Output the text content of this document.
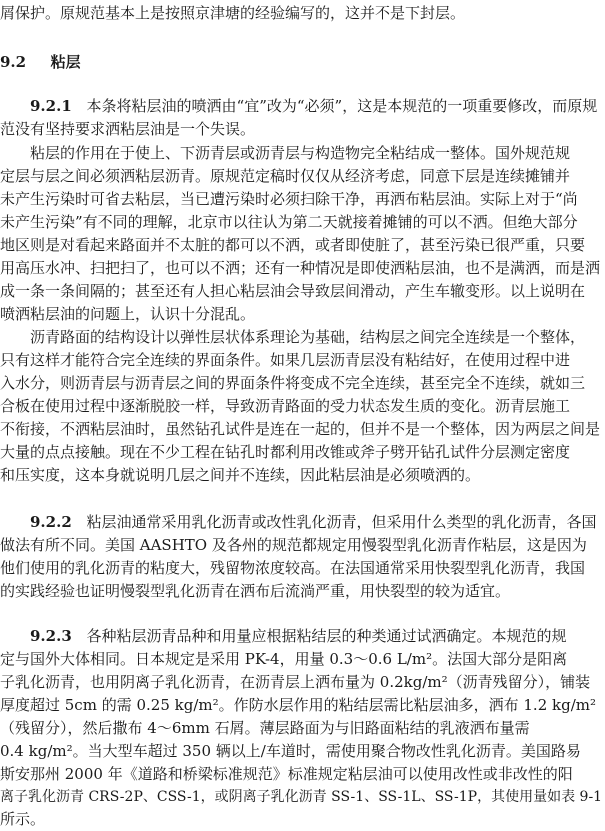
屑保护。原规范基本上是按照京津塘的经验编写的，这并不是下封层。
9.2 粘层
9.2.1 本条将粘层油的喷洒由“宜”改为“必须”，这是本规范的一项重要修改，而原规
范没有坚持要求洒粘层油是一个失误。
粘层的作用在于使上、下沥青层或沥青层与构造物完全粘结成一整体。国外规范规
定层与层之间必须洒粘层沥青。原规范定稿时仅仅从经济考虑，同意下层是连续摊铺并
未产生污染时可省去粘层，当已遭污染时必须扫除干净，再洒布粘层油。实际上对于“尚
未产生污染”有不同的理解，北京市以往认为第二天就接着摊铺的可以不洒。但绝大部分
地区则是对看起来路面并不太脏的都可以不洒，或者即使脏了，甚至污染已很严重，只要
用高压水冲、扫把扫了，也可以不洒；还有一种情况是即使洒粘层油，也不是满洒，而是洒
成一条一条间隔的；甚至还有人担心粘层油会导致层间滑动，产生车辙变形。以上说明在
喷洒粘层油的问题上，认识十分混乱。
沥青路面的结构设计以弹性层状体系理论为基础，结构层之间完全连续是一个整体，
只有这样才能符合完全连续的界面条件。如果几层沥青层没有粘结好，在使用过程中进
入水分，则沥青层与沥青层之间的界面条件将变成不完全连续，甚至完全不连续，就如三
合板在使用过程中逐渐脱胶一样，导致沥青路面的受力状态发生质的变化。沥青层施工
不衔接，不洒粘层油时，虽然钻孔试件是连在一起的，但并不是一个整体，因为两层之间是
大量的点点接触。现在不少工程在钻孔时都利用改锥或斧子劈开钻孔试件分层测定密度
和压实度，这本身就说明几层之间并不连续，因此粘层油是必须喷洒的。
9.2.2 粘层油通常采用乳化沥青或改性乳化沥青，但采用什么类型的乳化沥青，各国
做法有所不同。美国 AASHTO 及各州的规范都规定用慢裂型乳化沥青作粘层，这是因为
他们使用的乳化沥青的粘度大，残留物浓度较高。在法国通常采用快裂型乳化沥青，我国
的实践经验也证明慢裂型乳化沥青在洒布后流淌严重，用快裂型的较为适宜。
9.2.3 各种粘层沥青品种和用量应根据粘结层的种类通过试洒确定。本规范的规
定与国外大体相同。日本规定是采用 PK-4，用量 0.3～0.6 L/m²。法国大部分是阳离
子乳化沥青，也用阴离子乳化沥青，在沥青层上洒布量为 0.2kg/m²（沥青残留分），铺装
厚度超过 5cm 的需 0.25 kg/m²。作防水层作用的粘结层需比粘层油多，洒布 1.2 kg/m²
（残留分），然后撒布 4～6mm 石屑。薄层路面为与旧路面粘结的乳液洒布量需
0.4 kg/m²。当大型车超过 350 辆以上/车道时，需使用聚合物改性乳化沥青。美国路易
斯安那州 2000 年《道路和桥梁标准规范》标准规定粘层油可以使用改性或非改性的阳
离子乳化沥青 CRS-2P、CSS-1，或阴离子乳化沥青 SS-1、SS-1L、SS-1P，其使用量如表 9-1
所示。
